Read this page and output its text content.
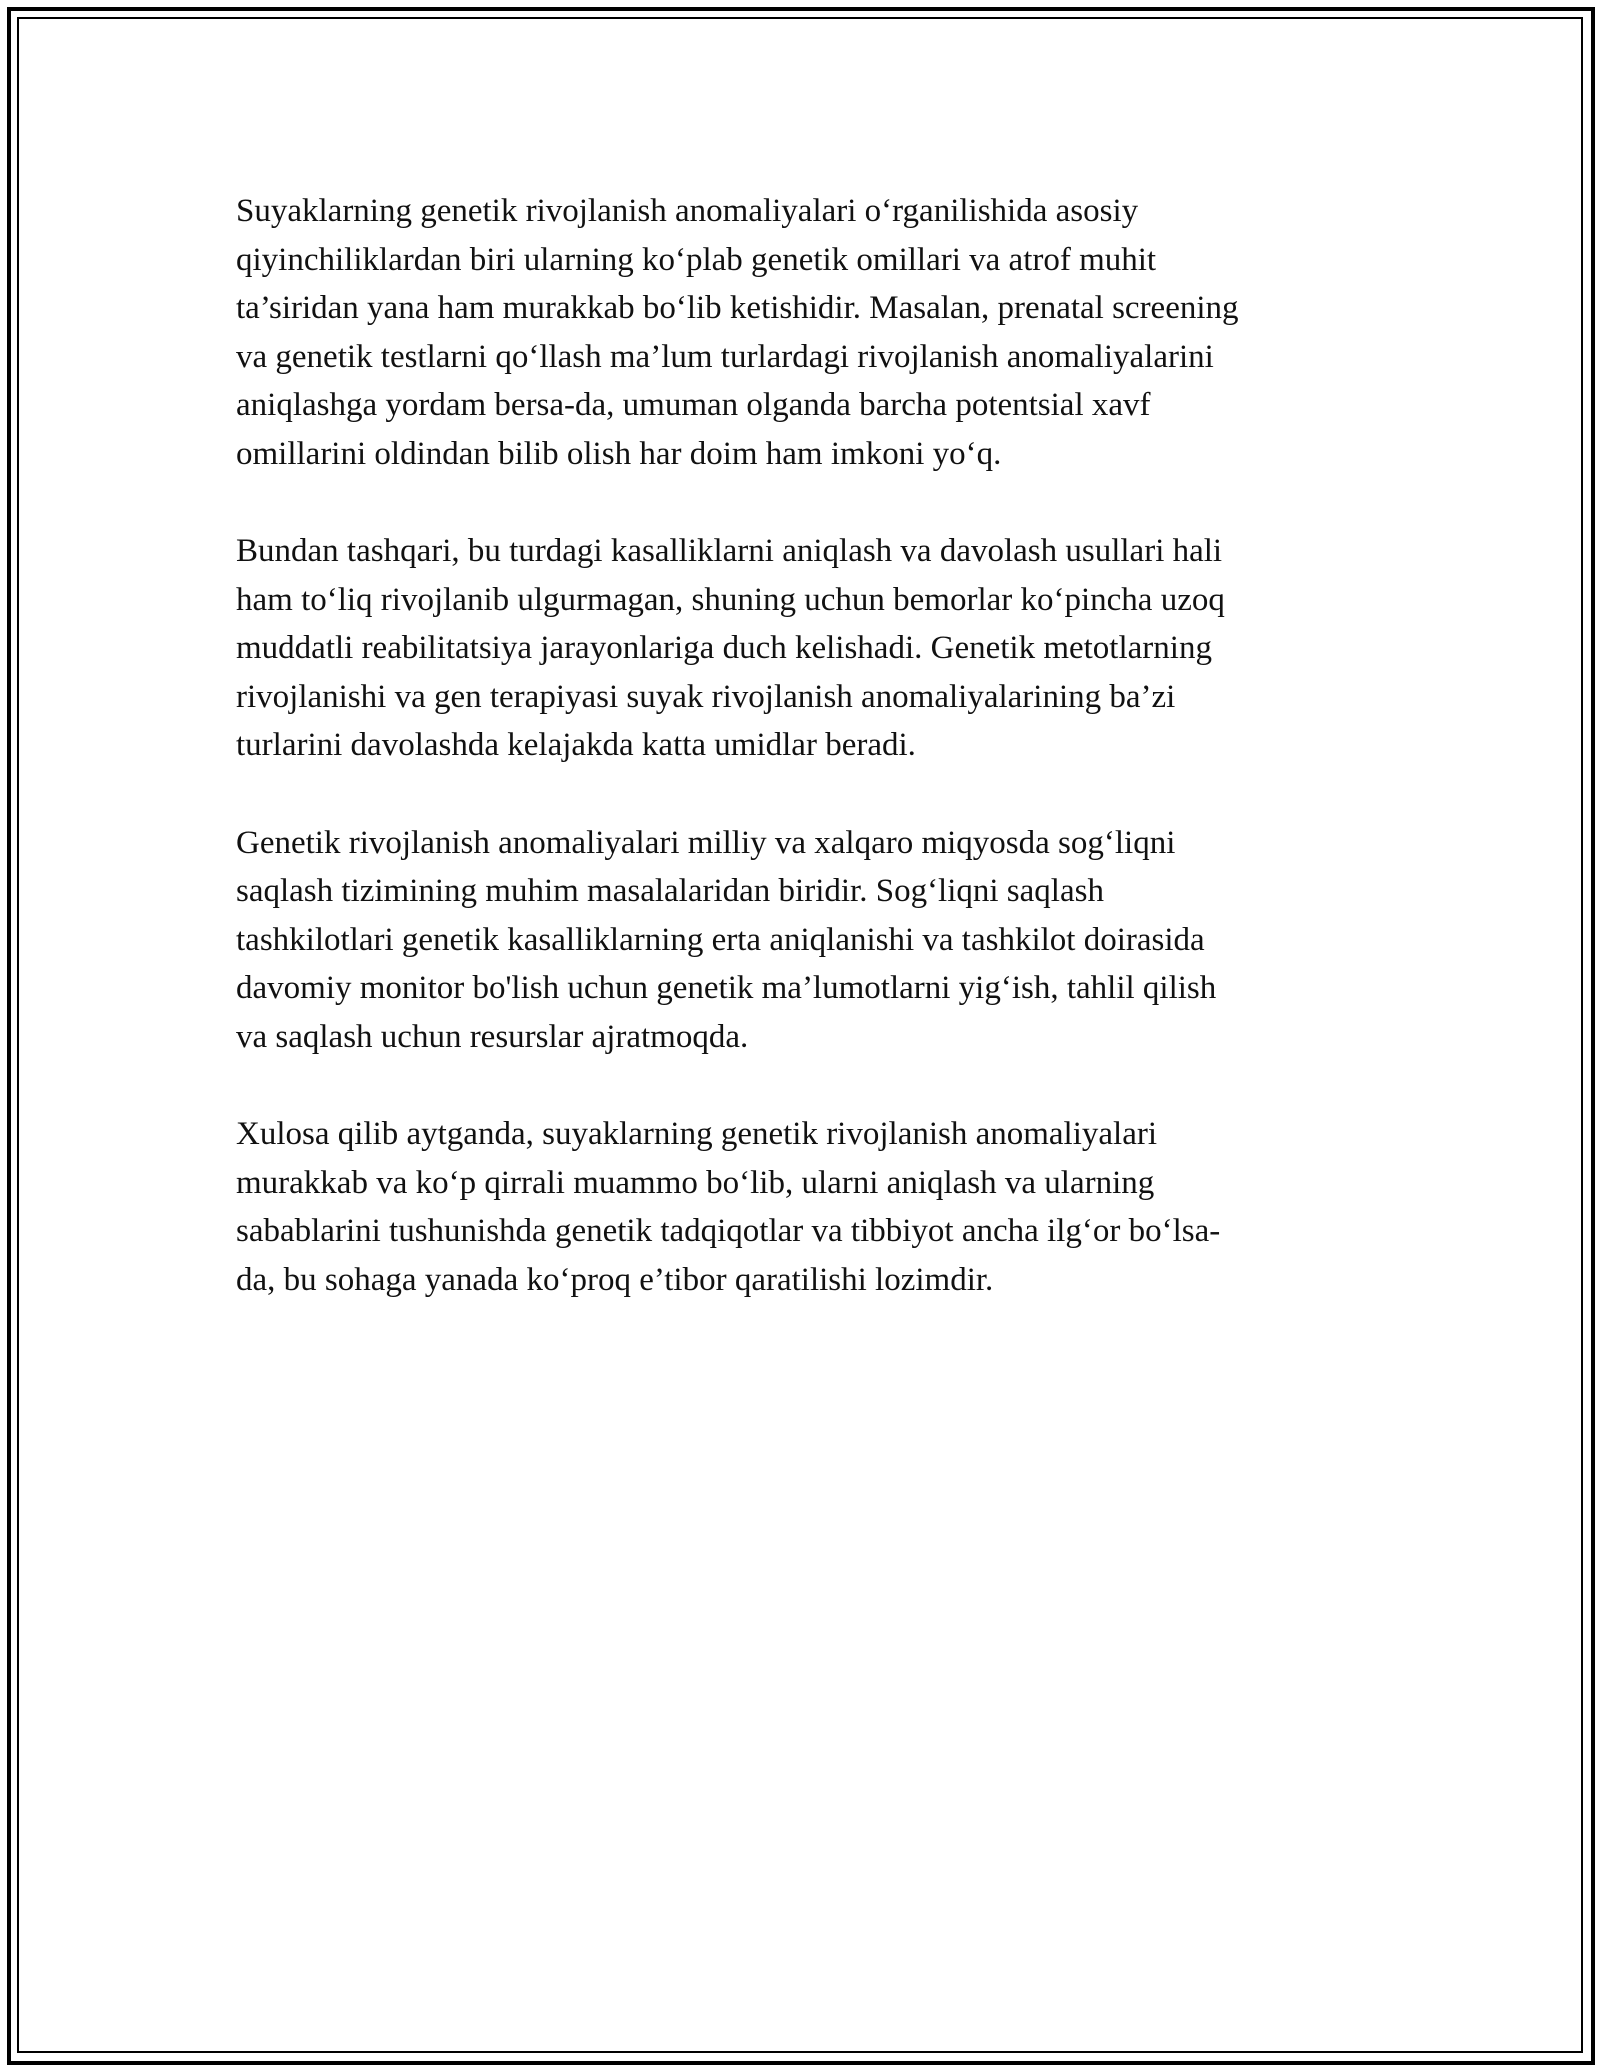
Suyaklarning genetik rivojlanish anomaliyalari o‘rganilishida asosiy
qiyinchiliklardan biri ularning ko‘plab genetik omillari va atrof muhit
ta’siridan yana ham murakkab bo‘lib ketishidir. Masalan, prenatal screening
va genetik testlarni qo‘llash ma’lum turlardagi rivojlanish anomaliyalarini
aniqlashga yordam bersa-da, umuman olganda barcha potentsial xavf
omillarini oldindan bilib olish har doim ham imkoni yo‘q.

Bundan tashqari, bu turdagi kasalliklarni aniqlash va davolash usullari hali
ham to‘liq rivojlanib ulgurmagan, shuning uchun bemorlar ko‘pincha uzoq
muddatli reabilitatsiya jarayonlariga duch kelishadi. Genetik metotlarning
rivojlanishi va gen terapiyasi suyak rivojlanish anomaliyalarining ba’zi
turlarini davolashda kelajakda katta umidlar beradi.

Genetik rivojlanish anomaliyalari milliy va xalqaro miqyosda sog‘liqni
saqlash tizimining muhim masalalaridan biridir. Sog‘liqni saqlash
tashkilotlari genetik kasalliklarning erta aniqlanishi va tashkilot doirasida
davomiy monitor bo'lish uchun genetik ma’lumotlarni yig‘ish, tahlil qilish
va saqlash uchun resurslar ajratmoqda.

Xulosa qilib aytganda, suyaklarning genetik rivojlanish anomaliyalari
murakkab va ko‘p qirrali muammo bo‘lib, ularni aniqlash va ularning
sabablarini tushunishda genetik tadqiqotlar va tibbiyot ancha ilg‘or bo‘lsa-
da, bu sohaga yanada ko‘proq e’tibor qaratilishi lozimdir.
